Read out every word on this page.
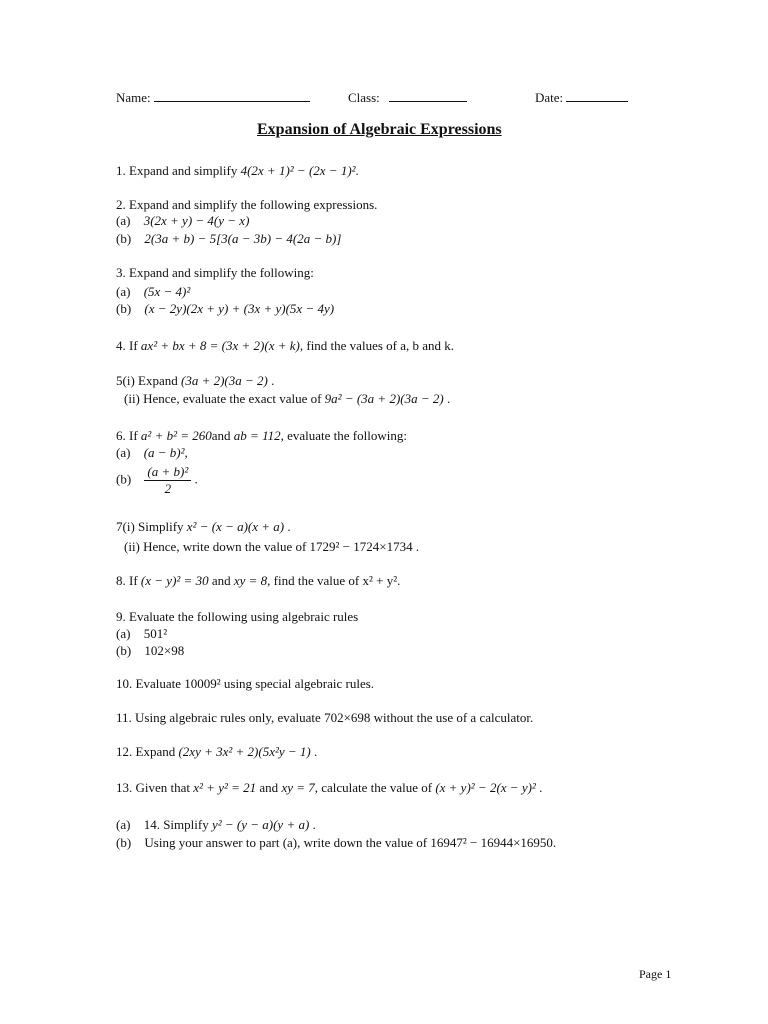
Name:	Class:	Date:
Expansion of Algebraic Expressions
1. Expand and simplify 4(2x + 1)² − (2x − 1)².
2. Expand and simplify the following expressions.
(a) 3(2x + y) − 4(y − x)
(b) 2(3a + b) − 5[3(a − 3b) − 4(2a − b)]
3. Expand and simplify the following:
(a) (5x − 4)²
(b) (x − 2y)(2x + y) + (3x + y)(5x − 4y)
4. If ax² + bx + 8 = (3x + 2)(x + k), find the values of a, b and k.
5(i) Expand (3a + 2)(3a − 2) .
(ii) Hence, evaluate the exact value of 9a² − (3a + 2)(3a − 2) .
6. If a² + b² = 260and ab = 112, evaluate the following:
(a) (a − b)²,
$(b) \frac{\text{(a + b)²}}{2}$ .
7(i) Simplify x² − (x − a)(x + a) .
(ii) Hence, write down the value of 1729² − 1724×1734 .
8. If (x − y)² = 30 and xy = 8, find the value of x² + y².
9. Evaluate the following using algebraic rules
(a) 501²
(b) 102×98
10. Evaluate 10009² using special algebraic rules.
11. Using algebraic rules only, evaluate 702×698 without the use of a calculator.
12. Expand (2xy + 3x² + 2)(5x²y − 1) .
13. Given that x² + y² = 21 and xy = 7, calculate the value of (x + y)² − 2(x − y)² .
(a) 14. Simplify y² − (y − a)(y + a) .
(b) Using your answer to part (a), write down the value of 16947² − 16944×16950.
Page 1
